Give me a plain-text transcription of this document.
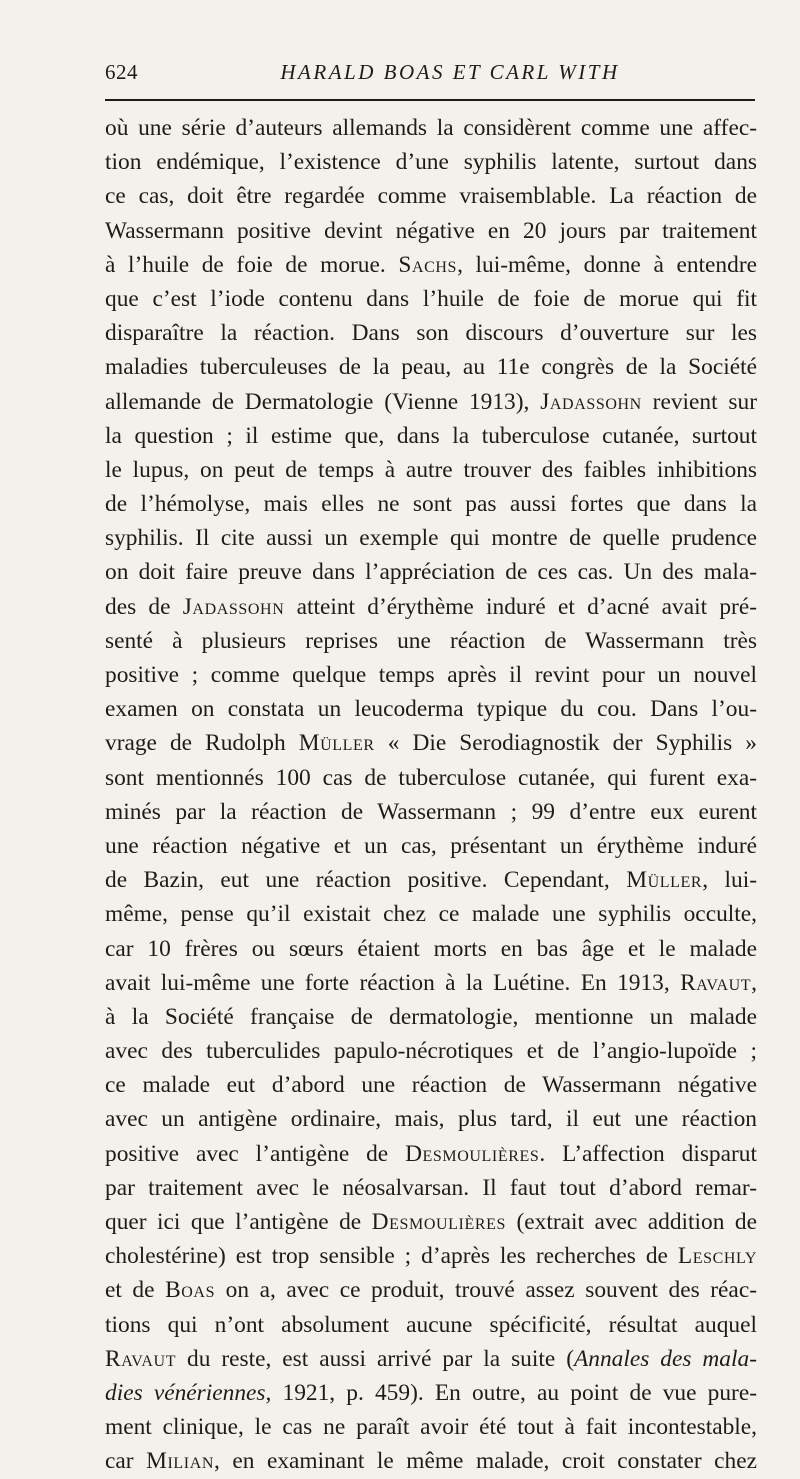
624	HARALD BOAS ET CARL WITH
où une série d’auteurs allemands la considèrent comme une affec-
tion endémique, l’existence d’une syphilis latente, surtout dans
ce cas, doit être regardée comme vraisemblable. La réaction de
Wassermann positive devint négative en 20 jours par traitement
à l’huile de foie de morue. Sachs, lui-même, donne à entendre
que c’est l’iode contenu dans l’huile de foie de morue qui fit
disparaître la réaction. Dans son discours d’ouverture sur les
maladies tuberculeuses de la peau, au 11e congrès de la Société
allemande de Dermatologie (Vienne 1913), Jadassohn revient sur
la question ; il estime que, dans la tuberculose cutanée, surtout
le lupus, on peut de temps à autre trouver des faibles inhibitions
de l’hémolyse, mais elles ne sont pas aussi fortes que dans la
syphilis. Il cite aussi un exemple qui montre de quelle prudence
on doit faire preuve dans l’appréciation de ces cas. Un des mala-
des de Jadassohn atteint d’érythème induré et d’acné avait pré-
senté à plusieurs reprises une réaction de Wassermann très
positive ; comme quelque temps après il revint pour un nouvel
examen on constata un leucoderma typique du cou. Dans l’ou-
vrage de Rudolph Müller « Die Serodiagnostik der Syphilis »
sont mentionnés 100 cas de tuberculose cutanée, qui furent exa-
minés par la réaction de Wassermann ; 99 d’entre eux eurent
une réaction négative et un cas, présentant un érythème induré
de Bazin, eut une réaction positive. Cependant, Müller, lui-
même, pense qu’il existait chez ce malade une syphilis occulte,
car 10 frères ou sœurs étaient morts en bas âge et le malade
avait lui-même une forte réaction à la Luétine. En 1913, Ravaut,
à la Société française de dermatologie, mentionne un malade
avec des tuberculides papulo-nécrotiques et de l’angio-lupoïde ;
ce malade eut d’abord une réaction de Wassermann négative
avec un antigène ordinaire, mais, plus tard, il eut une réaction
positive avec l’antigène de Desmoulières. L’affection disparut
par traitement avec le néosalvarsan. Il faut tout d’abord remar-
quer ici que l’antigène de Desmoulières (extrait avec addition de
cholestérine) est trop sensible ; d’après les recherches de Leschly
et de Boas on a, avec ce produit, trouvé assez souvent des réac-
tions qui n’ont absolument aucune spécificité, résultat auquel
Ravaut du reste, est aussi arrivé par la suite (Annales des mala-
dies vénériennes, 1921, p. 459). En outre, au point de vue pure-
ment clinique, le cas ne paraît avoir été tout à fait incontestable,
car Milian, en examinant le même malade, croit constater chez
